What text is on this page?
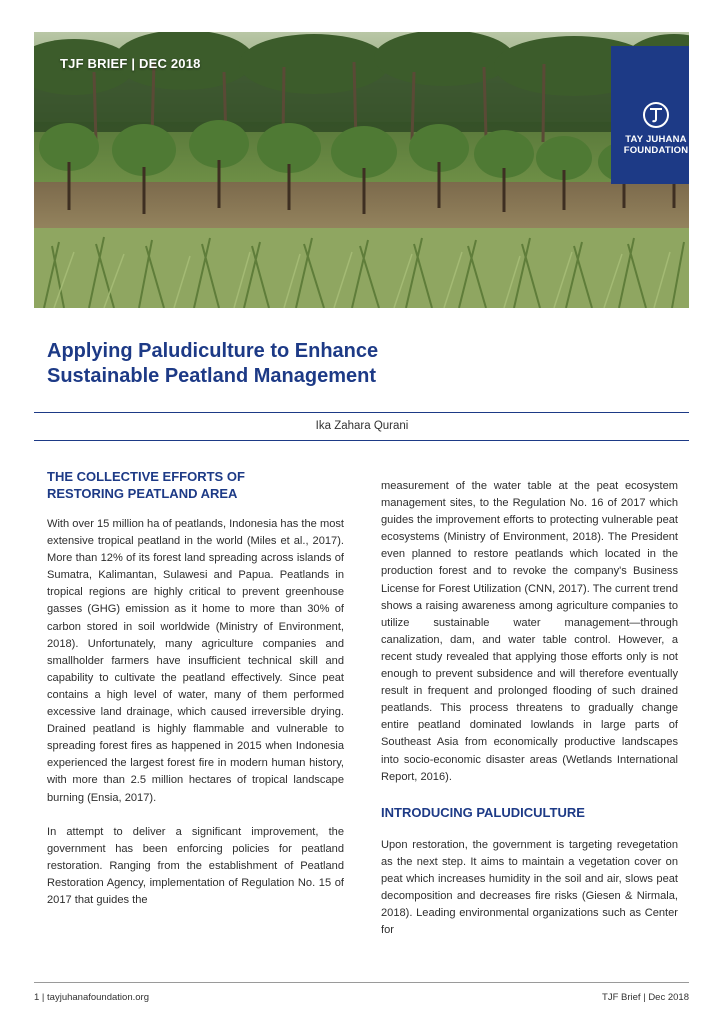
TJF BRIEF | DEC 2018
TAY JUHANA
FOUNDATION
Applying Paludiculture to Enhance
Sustainable Peatland Management
Ika Zahara Qurani
THE COLLECTIVE EFFORTS OF
RESTORING PEATLAND AREA

With over 15 million ha of peatlands, Indonesia has the most extensive tropical peatland in the world (Miles et al., 2017). More than 12% of its forest land spreading across islands of Sumatra, Kalimantan, Sulawesi and Papua. Peatlands in tropical regions are highly critical to prevent greenhouse gasses (GHG) emission as it home to more than 30% of carbon stored in soil worldwide (Ministry of Environment, 2018). Unfortunately, many agriculture companies and smallholder farmers have insufficient technical skill and capability to cultivate the peatland effectively. Since peat contains a high level of water, many of them performed excessive land drainage, which caused irreversible drying. Drained peatland is highly flammable and vulnerable to spreading forest fires as happened in 2015 when Indonesia experienced the largest forest fire in modern human history, with more than 2.5 million hectares of tropical landscape burning (Ensia, 2017).

In attempt to deliver a significant improvement, the government has been enforcing policies for peatland restoration. Ranging from the establishment of Peatland Restoration Agency, implementation of Regulation No. 15 of 2017 that guides the

measurement of the water table at the peat ecosystem management sites, to the Regulation No. 16 of 2017 which guides the improvement efforts to protecting vulnerable peat ecosystems (Ministry of Environment, 2018). The President even planned to restore peatlands which located in the production forest and to revoke the company's Business License for Forest Utilization (CNN, 2017). The current trend shows a raising awareness among agriculture companies to utilize sustainable water management—through canalization, dam, and water table control. However, a recent study revealed that applying those efforts only is not enough to prevent subsidence and will therefore eventually result in frequent and prolonged flooding of such drained peatlands. This process threatens to gradually change entire peatland dominated lowlands in large parts of Southeast Asia from economically productive landscapes into socio-economic disaster areas (Wetlands International Report, 2016).

INTRODUCING PALUDICULTURE

Upon restoration, the government is targeting revegetation as the next step. It aims to maintain a vegetation cover on peat which increases humidity in the soil and air, slows peat decomposition and decreases fire risks (Giesen & Nirmala, 2018). Leading environmental organizations such as Center for

1 | tayjuhanafoundation.org	TJF Brief | Dec 2018
